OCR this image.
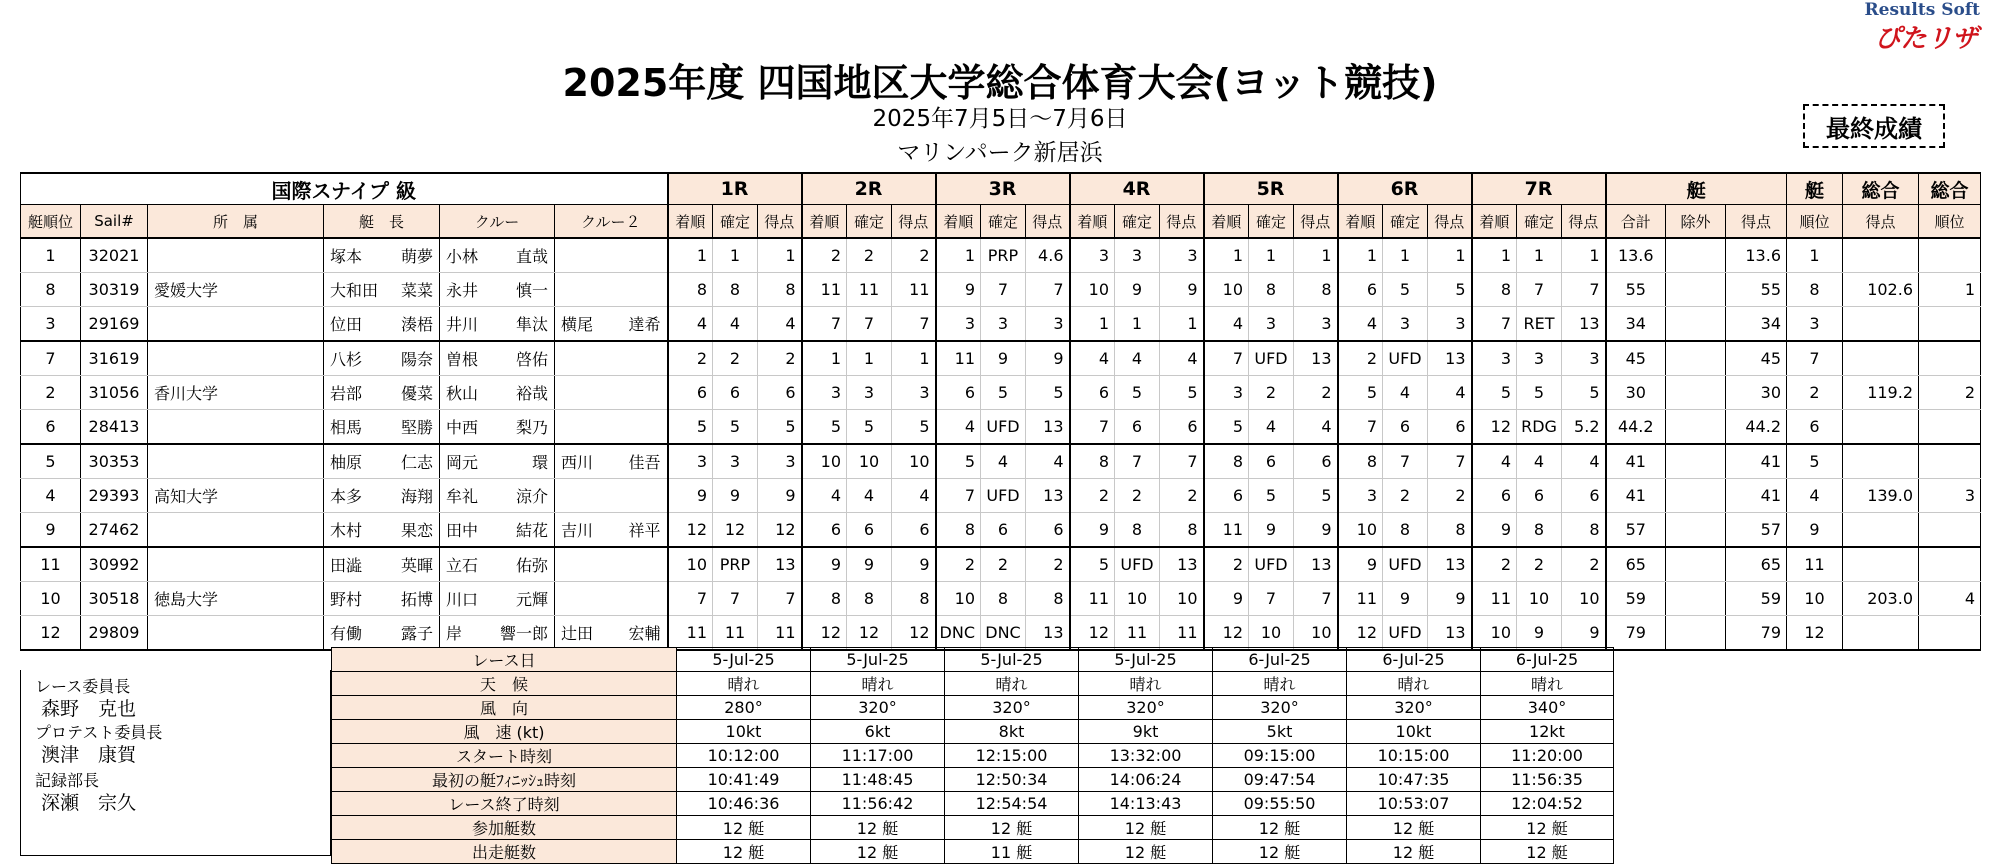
Results Soft
ぴたリザ
2025年度 四国地区大学総合体育大会(ヨット競技)
2025年7月5日～7月6日
マリンパーク新居浜
最終成績
国際スナイプ 級						1R			2R			3R			4R			5R			6R			7R			艇			艇	総合	総合
艇順位	Sail#	所　属	艇　長	クルー	クルー２	着順	確定	得点	着順	確定	得点	着順	確定	得点	着順	確定	得点	着順	確定	得点	着順	確定	得点	着順	確定	得点	合計	除外	得点	順位	得点	順位
1	32021		塚本 萌夢	小林 直哉		1	1	1	2	2	2	1	PRP	4.6	3	3	3	1	1	1	1	1	1	1	1	1	13.6		13.6	1		
8	30319	愛媛大学	大和田 菜菜	永井 慎一		8	8	8	11	11	11	9	7	7	10	9	9	10	8	8	6	5	5	8	7	7	55		55	8	102.6	1
3	29169		位田 湊梧	井川 隼汰	横尾 達希	4	4	4	7	7	7	3	3	3	1	1	1	4	3	3	4	3	3	7	RET	13	34		34	3		
7	31619		八杉 陽奈	曽根 啓佑		2	2	2	1	1	1	11	9	9	4	4	4	7	UFD	13	2	UFD	13	3	3	3	45		45	7		
2	31056	香川大学	岩部 優菜	秋山 裕哉		6	6	6	3	3	3	6	5	5	6	5	5	3	2	2	5	4	4	5	5	5	30		30	2	119.2	2
6	28413		相馬 堅勝	中西 梨乃		5	5	5	5	5	5	4	UFD	13	7	6	6	5	4	4	7	6	6	12	RDG	5.2	44.2		44.2	6		
5	30353		柚原 仁志	岡元 環	西川 佳吾	3	3	3	10	10	10	5	4	4	8	7	7	8	6	6	8	7	7	4	4	4	41		41	5		
4	29393	高知大学	本多 海翔	牟礼 涼介		9	9	9	4	4	4	7	UFD	13	2	2	2	6	5	5	3	2	2	6	6	6	41		41	4	139.0	3
9	27462		木村 果恋	田中 結花	吉川 祥平	12	12	12	6	6	6	8	6	6	9	8	8	11	9	9	10	8	8	9	8	8	57		57	9		
11	30992		田澁 英暉	立石 佑弥		10	PRP	13	9	9	9	2	2	2	5	UFD	13	2	UFD	13	9	UFD	13	2	2	2	65		65	11		
10	30518	徳島大学	野村 拓博	川口 元輝		7	7	7	8	8	8	10	8	8	11	10	10	9	7	7	11	9	9	11	10	10	59		59	10	203.0	4
12	29809		有働 露子	岸 響一郎	辻田 宏輔	11	11	11	12	12	12	DNC	DNC	13	12	11	11	12	10	10	12	UFD	13	10	9	9	79		79	12		
レース委員長
森野　克也
プロテスト委員長
澳津　康賀
記録部長
深瀬　宗久
レース日	5-Jul-25	5-Jul-25	5-Jul-25	5-Jul-25	6-Jul-25	6-Jul-25	6-Jul-25
天　候	晴れ	晴れ	晴れ	晴れ	晴れ	晴れ	晴れ
風　向	280°	320°	320°	320°	320°	320°	340°
風　速 (kt)	10kt	6kt	8kt	9kt	5kt	10kt	12kt
スタート時刻	10:12:00	11:17:00	12:15:00	13:32:00	09:15:00	10:15:00	11:20:00
最初の艇ﾌｨﾆｯｼｭ時刻	10:41:49	11:48:45	12:50:34	14:06:24	09:47:54	10:47:35	11:56:35
レース終了時刻	10:46:36	11:56:42	12:54:54	14:13:43	09:55:50	10:53:07	12:04:52
参加艇数	12 艇	12 艇	12 艇	12 艇	12 艇	12 艇	12 艇
出走艇数	12 艇	12 艇	11 艇	12 艇	12 艇	12 艇	12 艇
